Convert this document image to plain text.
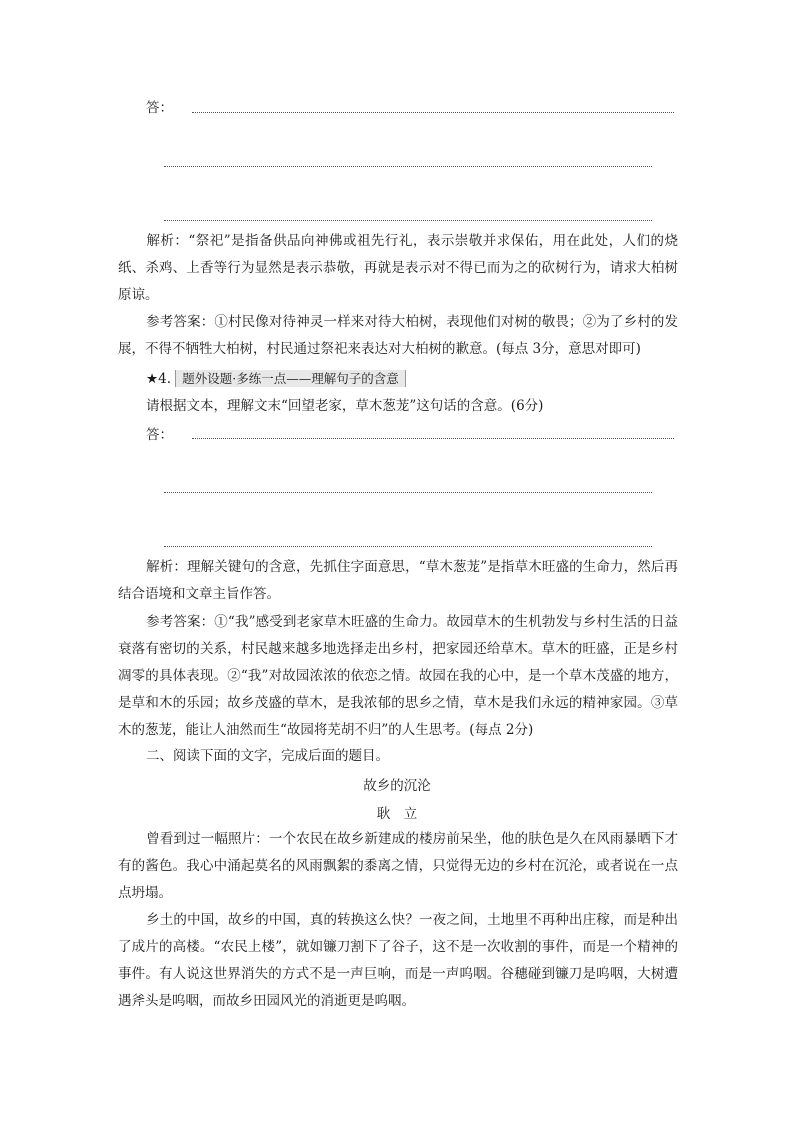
答：
解析：“祭祀”是指备供品向神佛或祖先行礼，表示崇敬并求保佑，用在此处，人们的烧纸、杀鸡、上香等行为显然是表示恭敬，再就是表示对不得已而为之的砍树行为，请求大柏树原谅。
参考答案：①村民像对待神灵一样来对待大柏树，表现他们对树的敬畏；②为了乡村的发展，不得不牺牲大柏树，村民通过祭祀来表达对大柏树的歉意。(每点 3分，意思对即可)
★4. 题外设题·多练一点——理解句子的含意
请根据文本，理解文末“回望老家，草木葱茏”这句话的含意。(6分)
答：
解析：理解关键句的含意，先抓住字面意思，“草木葱茏”是指草木旺盛的生命力，然后再结合语境和文章主旨作答。
参考答案：①“我”感受到老家草木旺盛的生命力。故园草木的生机勃发与乡村生活的日益衰落有密切的关系，村民越来越多地选择走出乡村，把家园还给草木。草木的旺盛，正是乡村凋零的具体表现。②“我”对故园浓浓的依恋之情。故园在我的心中，是一个草木茂盛的地方，是草和木的乐园；故乡茂盛的草木，是我浓郁的思乡之情，草木是我们永远的精神家园。③草木的葱茏，能让人油然而生“故园将芜胡不归”的人生思考。(每点 2分)
二、阅读下面的文字，完成后面的题目。
故乡的沉沦
耿　立
曾看到过一幅照片：一个农民在故乡新建成的楼房前呆坐，他的肤色是久在风雨暴晒下才有的酱色。我心中涌起莫名的风雨飘絮的黍离之情，只觉得无边的乡村在沉沦，或者说在一点点坍塌。
乡土的中国，故乡的中国，真的转换这么快？一夜之间，土地里不再种出庄稼，而是种出了成片的高楼。“农民上楼”，就如镰刀割下了谷子，这不是一次收割的事件，而是一个精神的事件。有人说这世界消失的方式不是一声巨响，而是一声呜咽。谷穗碰到镰刀是呜咽，大树遭遇斧头是呜咽，而故乡田园风光的消逝更是呜咽。
